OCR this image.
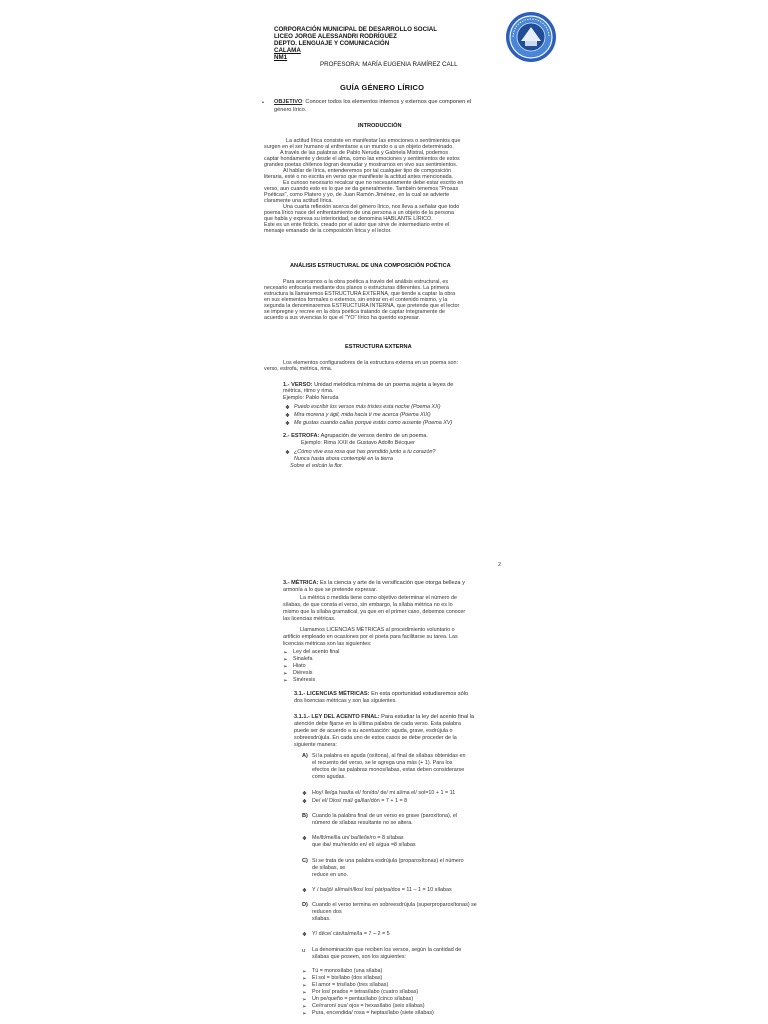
CORPORACIÓN MUNICIPAL DE DESARROLLO SOCIAL
LICEO JORGE ALESSANDRI RODRÍGUEZ
DEPTO. LENGUAJE Y COMUNICACIÓN
CALAMA
NM1
PROFESORA: MARÍA EUGENIA RAMÍREZ CALL
GUÍA GÉNERO LÍRICO
• OBJETIVO: Conocer todos los elementos internos y externos que componen el
género lírico.
INTRODUCCIÓN
La actitud lírica consiste en manifestar las emociones o sentimientos que
surgen en el ser humano al enfrentarse a un mundo o a un objeto determinado.
A través de las palabras de Pablo Neruda y Gabriela Mistral, podemos
captar hondamente y desde el alma, como las emociones y sentimientos de estos
grandes poetas chilenos logran desnudar y mostrarnos en vivo sus sentimientos.
Al hablar de lírica, entenderemos por tal cualquier tipo de composición
literaria, esté o no escrita en verso que manifieste la actitud antes mencionada.
Es curioso necesario recalcar que no necesariamente debe estar escrito en
verso, aun cuando esto es lo que se da generalmente. También tenemos "Prosas
Poéticas", como Platero y yo, de Juan Ramón Jiménez, en la cual se advierte
claramente una actitud lírica.
Una cuarta reflexión acerca del género lírico, nos lleva a señalar que todo
poema lírico nace del enfrentamiento de una persona a un objeto de la persona
que habla y expresa su interioridad, se denomina HABLANTE LÍRICO.
Este es un ente ficticio, creado por el autor que sirve de intermediario entre el
mensaje emanado de la composición lírica y el lector.
ANÁLISIS ESTRUCTURAL DE UNA COMPOSICIÓN POÉTICA
Para acercarnos a la obra poética a través del análisis estructural, es
necesario enfocarla mediante dos planos o estructuras diferentes. La primera
estructura la llamaremos ESTRUCTURA EXTERNA, que tiende a captar la obra
en sus elementos formales o externos, sin entrar en el contenido mismo, y la
segunda la denominaremos ESTRUCTURA INTERNA, que pretende que el lector
se impregne y recree en la obra poética tratando de captar íntegramente de
acuerdo a sus vivencias lo que el "YO" lírico ha querido expresar.
ESTRUCTURA EXTERNA
Los elementos configuradores de la estructura externa en un poema son:
verso, estrofa, métrica, rima.
1.- VERSO: Unidad melódica mínima de un poema sujeta a leyes de
métrica, ritmo y rima.
Ejemplo: Pablo Neruda
❖ Puedo escribir los versos más tristes esta noche (Poema XX)
❖ Mira morena y ágil, mida hacia ti me acerca (Poema XIX)
❖ Me gustas cuando callas porque estás como ausente (Poema XV)
2.- ESTROFA: Agrupación de versos dentro de un poema.
Ejemplo: Rima XXII de Gustavo Adolfo Bécquer
❖ ¿Cómo vive esa rosa que has prendido junto a tu corazón?
Nunca hasta ahora contemplé en la tierra
Sobre el volcán la flor.
2
3.- MÉTRICA: Es la ciencia y arte de la versificación que otorga belleza y
armonía a lo que se pretende expresar.
La métrica o medida tiene como objetivo determinar el número de
sílabas, de que consta el verso, sin embargo, la sílaba métrica no es lo
mismo que la sílaba gramatical, ya que en el primer caso, debemos conocer
las licencias métricas.
Llamamos LICENCIAS MÉTRICAS al procedimiento voluntario o
artificio empleado en ocasiones por el poeta para facilitarse su tarea. Las
licencias métricas son las siguientes:
➢ Ley del acento final
➢ Sinalefa
➢ Hiato
➢ Diéresis
➢ Sinéresis
3.1.- LICENCIAS MÉTRICAS: En esta oportunidad estudiaremos sólo
dos licencias métricas y son las siguientes.
3.1.1.- LEY DEL ACENTO FINAL: Para estudiar la ley del acento final la
atención debe fijarse en la última palabra de cada verso. Esta palabra
puede ser de acuerdo a su acentuación: aguda, grave, esdrújula o
sobreesdrújula. En cada uno de estos casos se debe proceder de la
siguiente manera:
A) Si la palabra es aguda (oxítona), al final de sílabas obtenidas en
el recuento del verso, se le agrega una más (+ 1). Para los
efectos de las palabras monosílabas, estas deben considerarse
como agudas.
❖ Hoy/ lle/ga has/ta el/ fon/do/ de/ mi al/ma el/ sol=10 + 1 = 11
❖ De/ el/ Dios/ mal/ ga/llar/dón = 7 + 1 = 8
B) Cuando la palabra final de un verso es grave (paroxítona), el
número de sílabas resultante no se altera.
❖ Me/lli/me/lla un/ ba/lle/le/ro = 8 sílabas
que iba/ mu/rien/do en/ el/ a/gua =8 sílabas
C) Si se trata de una palabra esdrújula (proparoxítonas) el número
de sílabas, se
reduce en uno.
❖ Y / ba/jó/ al/ma/ri/llos/ los/ pár/pa/dos = 11 – 1 = 10 sílabas
D) Cuando el verso termina en sobreesdrújula (superproparoxítonas) se
reducen dos
sílabas.
❖ Y/ di/ce/ cán/ta/me/la = 7 – 2 = 5
u La denominación que reciben los versos, según la cantidad de
sílabas que poseen, son los siguientes:
➢ Tú = monosílabo (una sílaba)
➢ El sol = bisílabo (dos sílabas)
➢ El amor = trisílabo (tres sílabas)
➢ Por los/ prados = tetrasílabo (cuatro sílabas)
➢ Un pe/queño = pentasílabo (cinco sílabas)
➢ Ce/rraron/ sus/ ojos = hexasílabo (seis sílabas)
➢ Pura, encendida/ rosa = heptasílabo (siete sílabas)
